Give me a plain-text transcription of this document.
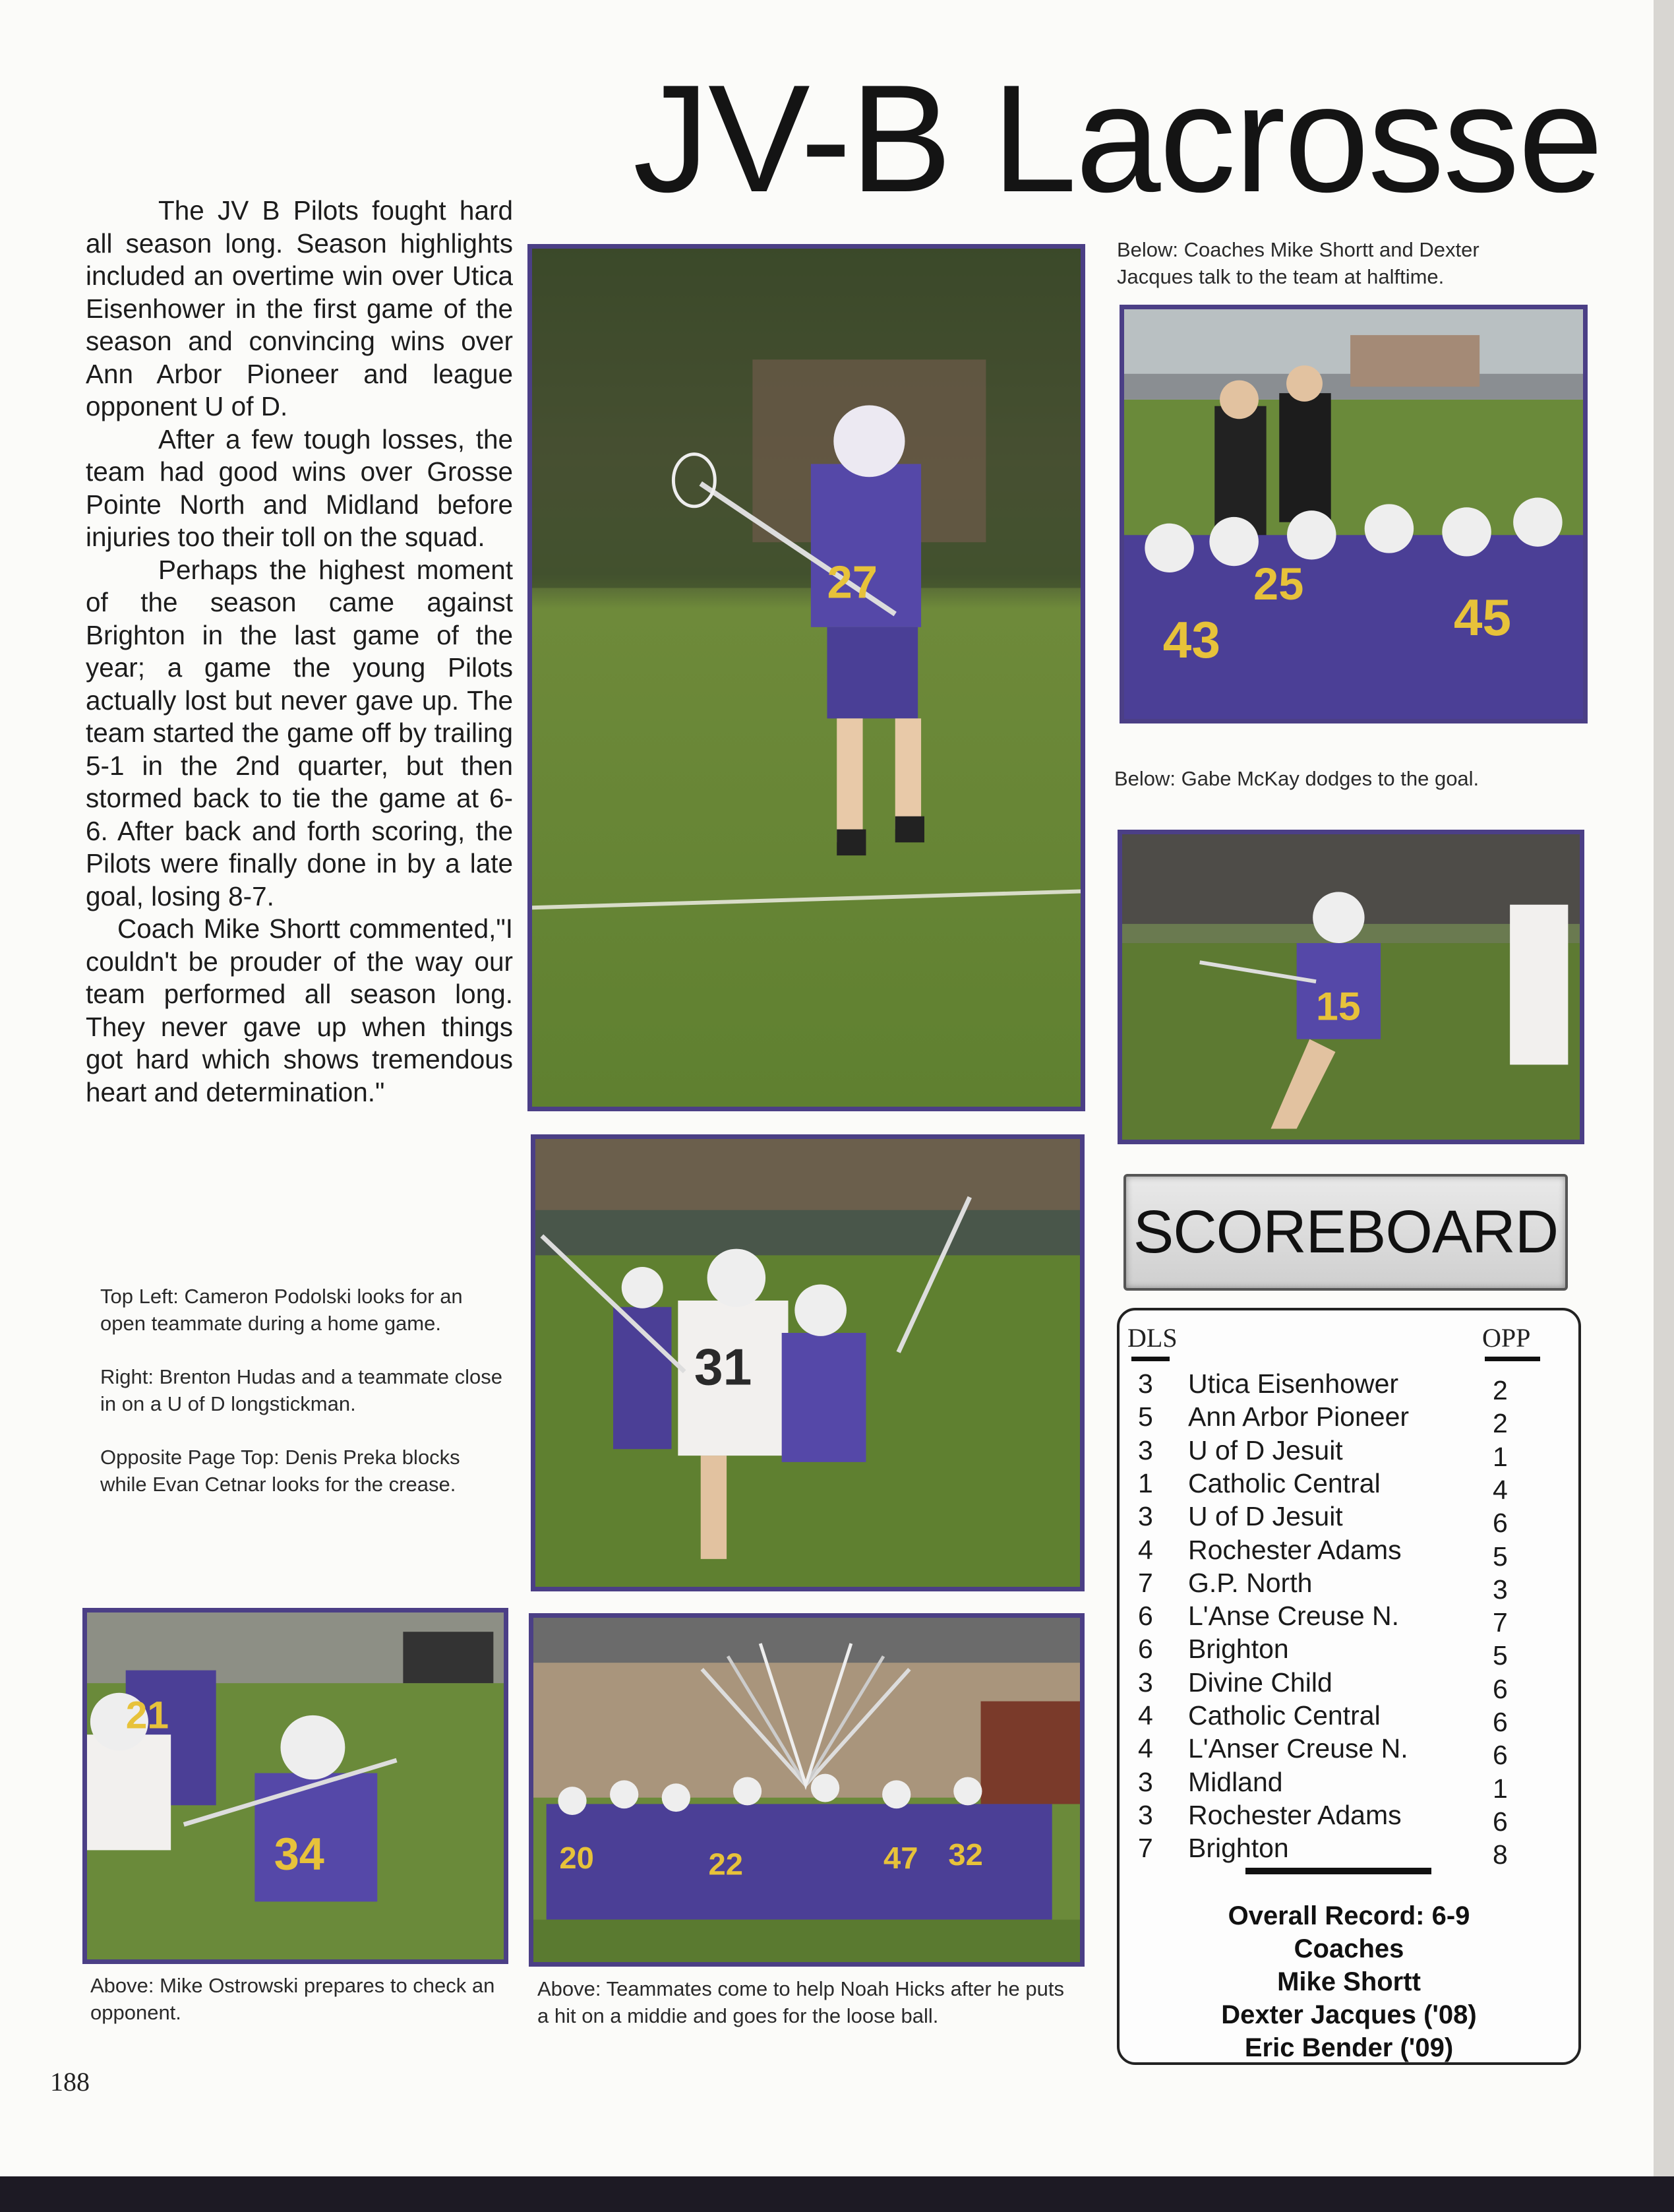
JV-B Lacrosse

The JV B Pilots fought hard all season long. Season highlights included an overtime win over Utica Eisenhower in the first game of the season and convincing wins over Ann Arbor Pioneer and league opponent U of D.

After a few tough losses, the team had good wins over Grosse Pointe North and Midland before injuries too their toll on the squad.

Perhaps the highest moment of the season came against Brighton in the last game of the year; a game the young Pilots actually lost but never gave up. The team started the game off by trailing 5-1 in the 2nd quarter, but then stormed back to tie the game at 6-6. After back and forth scoring, the Pilots were finally done in by a late goal, losing 8-7.

Coach Mike Shortt commented,"I couldn't be prouder of the way our team performed all season long. They never gave up when things got hard which shows tremendous heart and determination."

27
Below: Coaches Mike Shortt and Dexter Jacques talk to the team at halftime.
43
25
45
Below: Gabe McKay dodges to the goal.
15
SCOREBOARD
DLS	OPP
3 Utica Eisenhower	2
5 Ann Arbor Pioneer	2
3 U of D Jesuit	1
1 Catholic Central	4
3 U of D Jesuit	6
4 Rochester Adams	5
7 G.P. North	3
6 L'Anse Creuse N.	7
6 Brighton	5
3 Divine Child	6
4 Catholic Central	6
4 L'Anser Creuse N.	6
3 Midland	1
3 Rochester Adams	6
7 Brighton	8
Overall Record: 6-9
Coaches
Mike Shortt
Dexter Jacques ('08)
Eric Bender ('09)

Top Left: Cameron Podolski looks for an open teammate during a home game.

Right: Brenton Hudas and a teammate close in on a U of D longstickman.

Opposite Page Top: Denis Preka blocks while Evan Cetnar looks for the crease.

31
21
34	20	22	47 32
Above: Mike Ostrowski prepares to check an opponent.
Above: Teammates come to help Noah Hicks after he puts a hit on a middie and goes for the loose ball.
188
